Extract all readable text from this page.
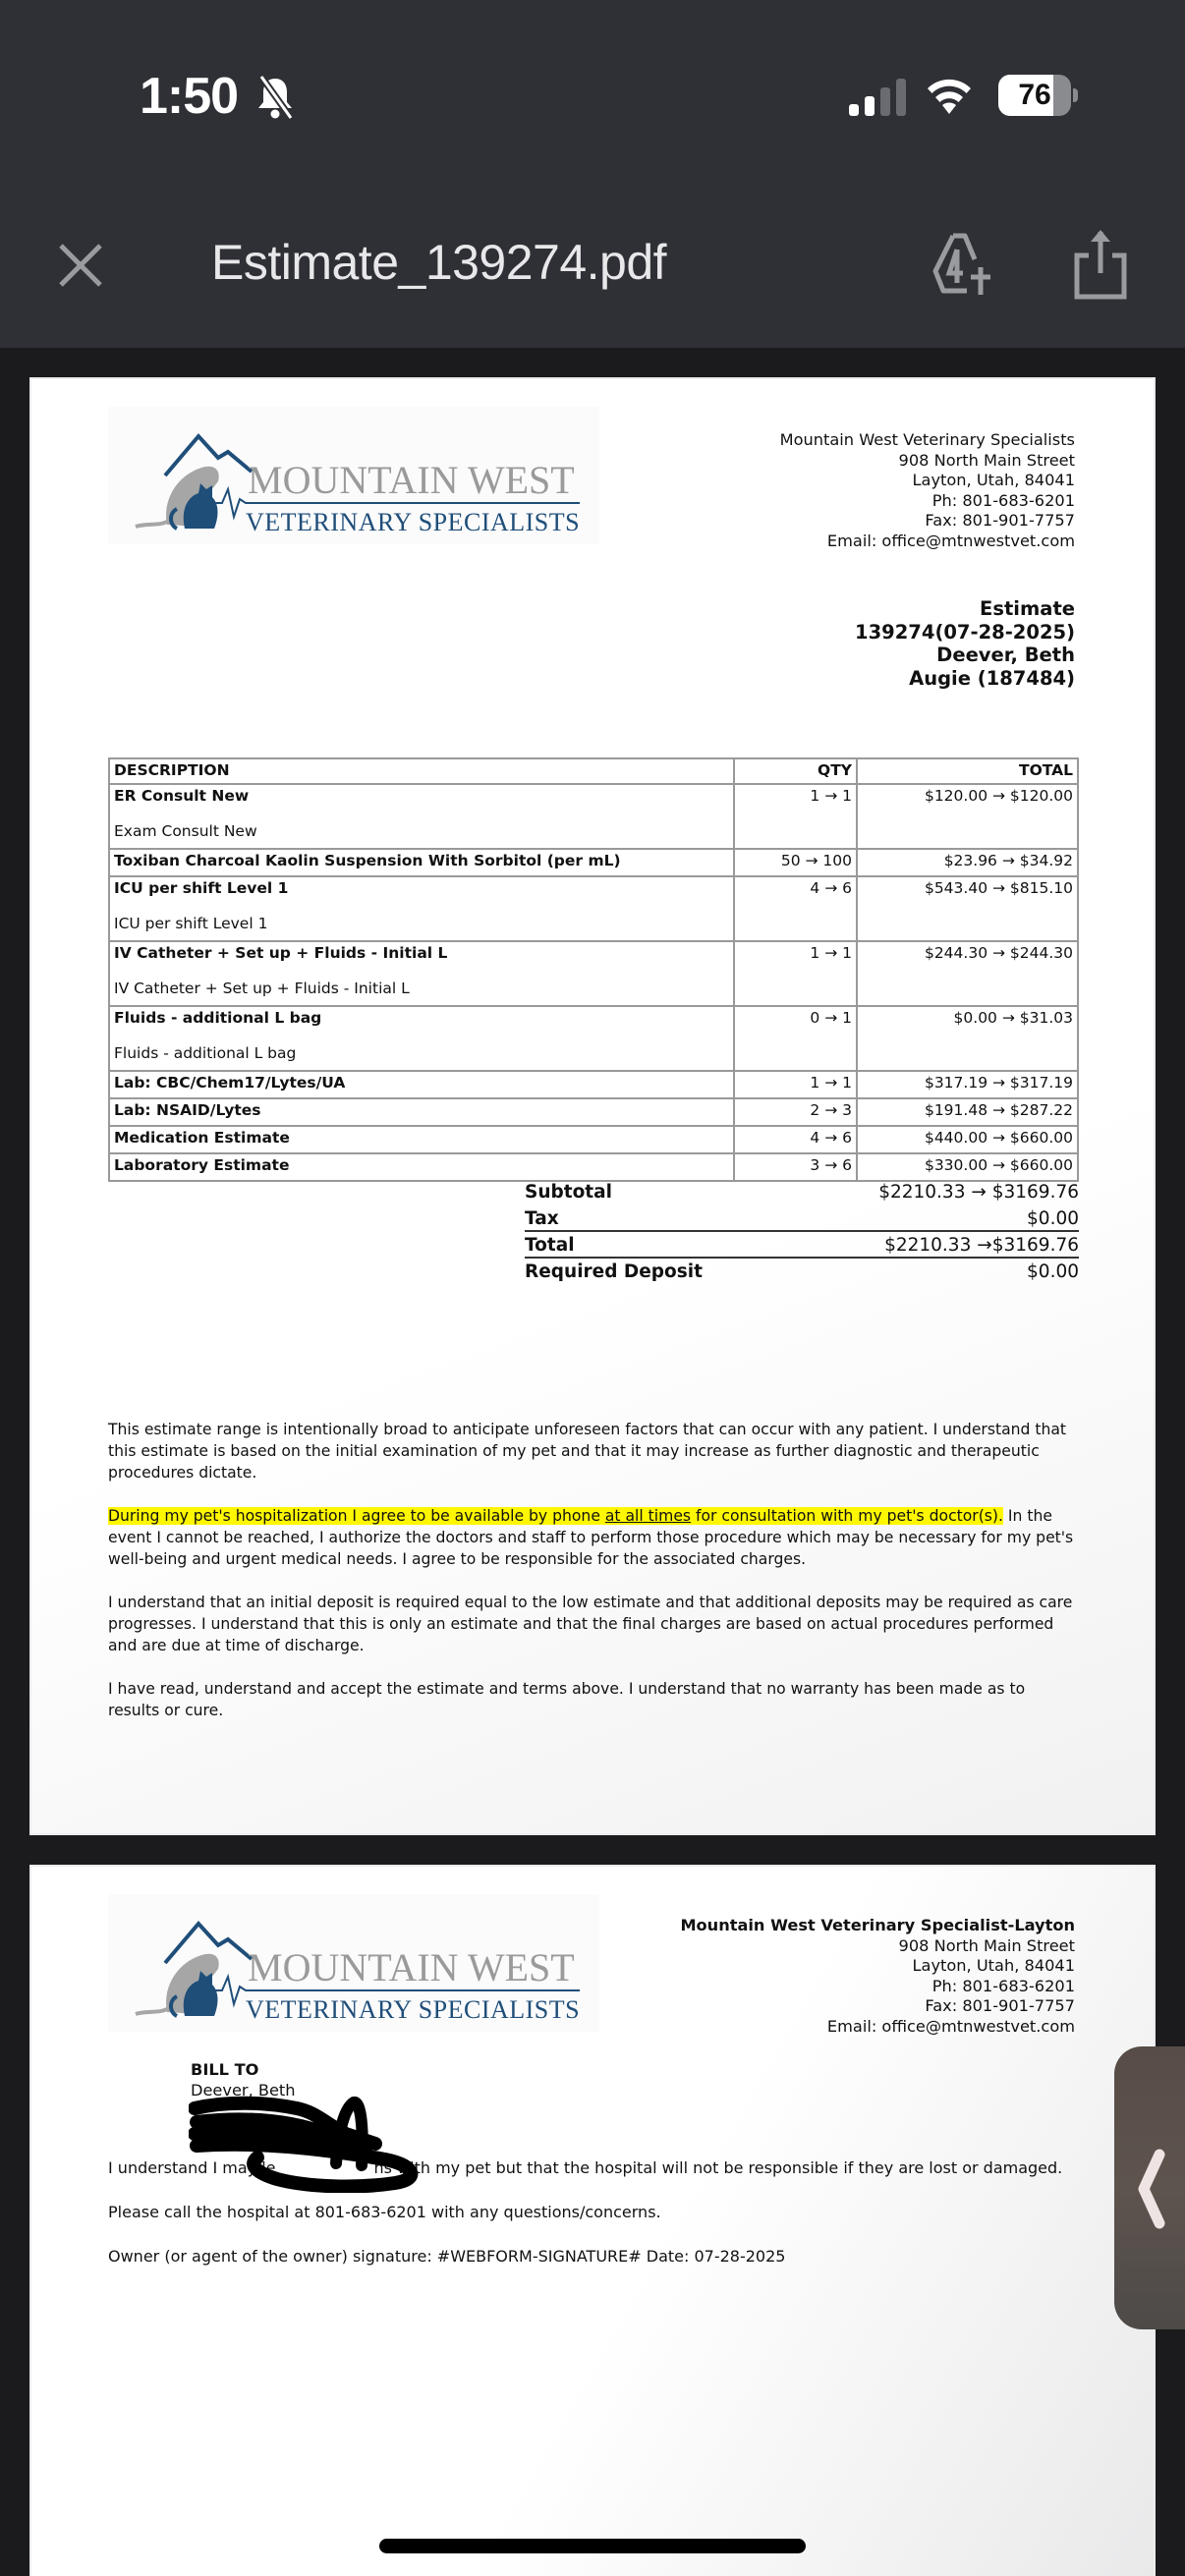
1:50	76
Estimate_139274.pdf
MOUNTAIN WEST
VETERINARY SPECIALISTS
Mountain West Veterinary Specialists
908 North Main Street
Layton, Utah, 84041
Ph: 801-683-6201
Fax: 801-901-7757
Email: office@mtnwestvet.com
Estimate
139274(07-28-2025)
Deever, Beth
Augie (187484)
DESCRIPTION	QTY	TOTAL

ER Consult New
Exam Consult New	1 → 1	$120.00 → $120.00

Toxiban Charcoal Kaolin Suspension With Sorbitol (per mL)	50 → 100	$23.96 → $34.92

ICU per shift Level 1
ICU per shift Level 1	4 → 6	$543.40 → $815.10

IV Catheter + Set up + Fluids - Initial L
IV Catheter + Set up + Fluids - Initial L	1 → 1	$244.30 → $244.30

Fluids - additional L bag
Fluids - additional L bag	0 → 1	$0.00 → $31.03

Lab: CBC/Chem17/Lytes/UA	1 → 1	$317.19 → $317.19

Lab: NSAID/Lytes	2 → 3	$191.48 → $287.22

Medication Estimate	4 → 6	$440.00 → $660.00

Laboratory Estimate	3 → 6	$330.00 → $660.00
Subtotal	$2210.33 → $3169.76
Tax	$0.00
Total	$2210.33 →$3169.76
Required Deposit	$0.00

This estimate range is intentionally broad to anticipate unforeseen factors that can occur with any patient. I understand that this estimate is based on the initial examination of my pet and that it may increase as further diagnostic and therapeutic procedures dictate.

During my pet's hospitalization I agree to be available by phone at all times for consultation with my pet's doctor(s). In the event I cannot be reached, I authorize the doctors and staff to perform those procedure which may be necessary for my pet's well-being and urgent medical needs. I agree to be responsible for the associated charges.

I understand that an initial deposit is required equal to the low estimate and that additional deposits may be required as care progresses. I understand that this is only an estimate and that the final charges are based on actual procedures performed and are due at time of discharge.

I have read, understand and accept the estimate and terms above. I understand that no warranty has been made as to results or cure.

MOUNTAIN WEST
VETERINARY SPECIALISTS
Mountain West Veterinary Specialist-Layton
908 North Main Street
Layton, Utah, 84041
Ph: 801-683-6201
Fax: 801-901-7757
Email: office@mtnwestvet.com
BILL TO
Deever, Beth

I understand I may le	ns with my pet but that the hospital will not be responsible if they are lost or damaged.

Please call the hospital at 801-683-6201 with any questions/concerns.

Owner (or agent of the owner) signature: #WEBFORM-SIGNATURE# Date: 07-28-2025
